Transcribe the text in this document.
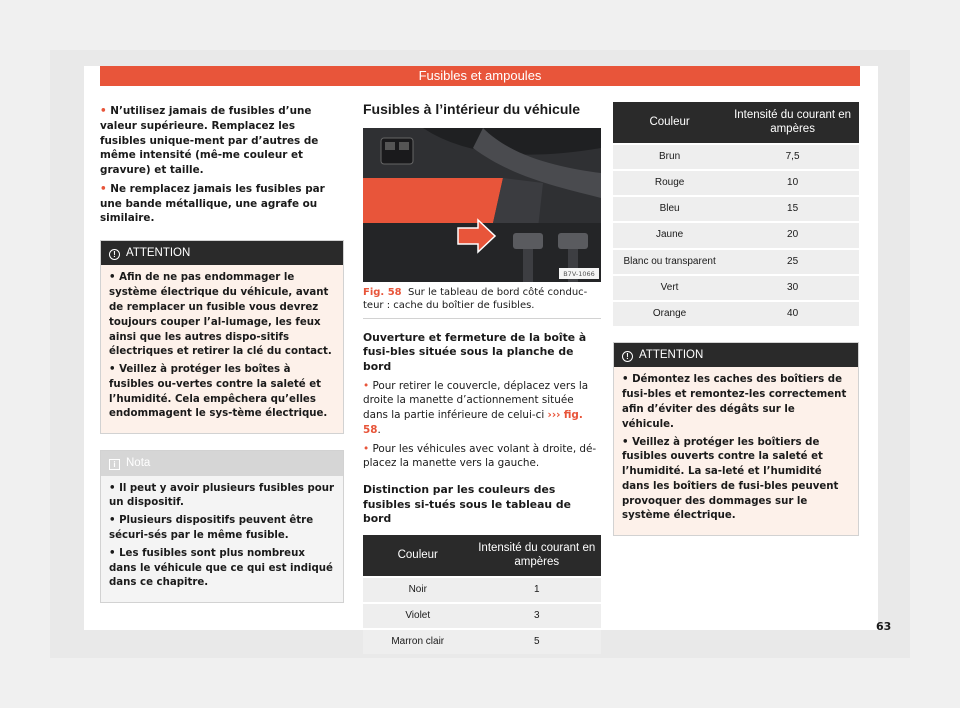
Fusibles et ampoules

• N’utilisez jamais de fusibles d’une valeur supérieure. Remplacez les fusibles unique-ment par d’autres de même intensité (mê-me couleur et gravure) et taille.

• Ne remplacez jamais les fusibles par une bande métallique, une agrafe ou similaire.

! ATTENTION

• Afin de ne pas endommager le système électrique du véhicule, avant de remplacer un fusible vous devrez toujours couper l’al-lumage, les feux ainsi que les autres dispo-sitifs électriques et retirer la clé du contact.

• Veillez à protéger les boîtes à fusibles ou-vertes contre la saleté et l’humidité. Cela empêchera qu’elles endommagent le sys-tème électrique.

i Nota

• Il peut y avoir plusieurs fusibles pour un dispositif.

• Plusieurs dispositifs peuvent être sécuri-sés par le même fusible.

• Les fusibles sont plus nombreux dans le véhicule que ce qui est indiqué dans ce chapitre.

Fusibles à l’intérieur du véhicule
B7V-1066

Fig. 58 Sur le tableau de bord côté conduc-teur : cache du boîtier de fusibles.

Ouverture et fermeture de la boîte à fusi-bles située sous la planche de bord

• Pour retirer le couvercle, déplacez vers la droite la manette d’actionnement située dans la partie inférieure de celui-ci ››› fig. 58.

• Pour les véhicules avec volant à droite, dé-placez la manette vers la gauche.

Distinction par les couleurs des fusibles si-tués sous le tableau de bord
Couleur	Intensité du courant en ampères
Noir	1
Violet	3
Marron clair	5
Couleur	Intensité du courant en ampères
Brun	7,5
Rouge	10
Bleu	15
Jaune	20
Blanc ou transparent	25
Vert	30
Orange	40
! ATTENTION

• Démontez les caches des boîtiers de fusi-bles et remontez-les correctement afin d’éviter des dégâts sur le véhicule.

• Veillez à protéger les boîtiers de fusibles ouverts contre la saleté et l’humidité. La sa-leté et l’humidité dans les boîtiers de fusi-bles peuvent provoquer des dommages sur le système électrique.

63
